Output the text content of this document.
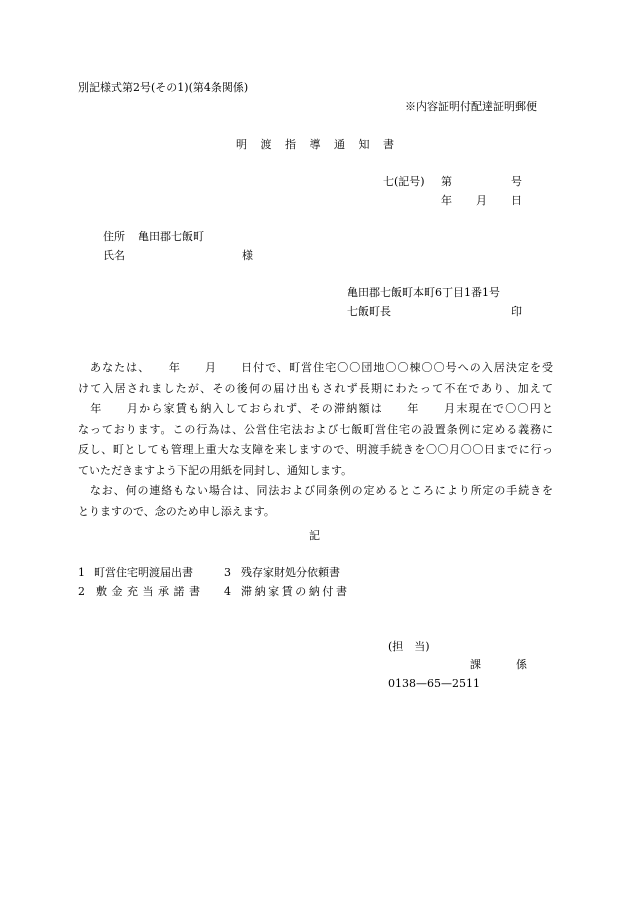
別記様式第2号(その1)(第4条関係)
※内容証明付配達証明郵便
明 渡 指 導 通 知 書
七(記号) 第	号
年 月 日
住所 亀田郡七飯町
氏名	様
亀田郡七飯町本町6丁目1番1号
七飯町長	印
　あなたは、　　年　　月　　日付で、町営住宅〇〇団地〇〇棟〇〇号への入居決定を受
けて入居されましたが、その後何の届け出もされず長期にわたって不在であり、加えて
　年　　月から家賃も納入しておられず、その滞納額は　　年　　月末現在で〇〇円と
なっております。この行為は、公営住宅法および七飯町営住宅の設置条例に定める義務に
反し、町としても管理上重大な支障を来しますので、明渡手続きを〇〇月〇〇日までに行っ
ていただきますよう下記の用紙を同封し、通知します。
　なお、何の連絡もない場合は、同法および同条例の定めるところにより所定の手続きを
とりますので、念のため申し添えます。
記
1 町営住宅明渡届出書	3 残存家財処分依頼書
2 敷 金 充 当 承 諾 書 4 滞 納 家 賃 の 納 付 書
(担　当)
課	係
0138—65—2511
